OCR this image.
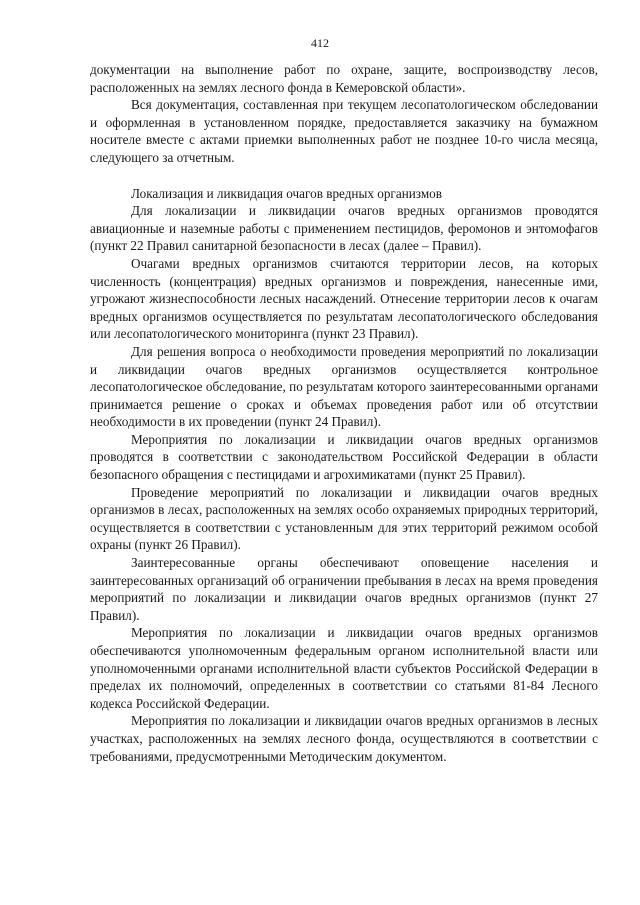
412

документации на выполнение работ по охране, защите, воспроизводству лесов, расположенных на землях лесного фонда в Кемеровской области».

Вся документация, составленная при текущем лесопатологическом обследовании и оформленная в установленном порядке, предоставляется заказчику на бумажном носителе вместе с актами приемки выполненных работ не позднее 10-го числа месяца, следующего за отчетным.

Локализация и ликвидация очагов вредных организмов

Для локализации и ликвидации очагов вредных организмов проводятся авиационные и наземные работы с применением пестицидов, феромонов и энтомофагов (пункт 22 Правил санитарной безопасности в лесах (далее – Правил).

Очагами вредных организмов считаются территории лесов, на которых численность (концентрация) вредных организмов и повреждения, нанесенные ими, угрожают жизнеспособности лесных насаждений. Отнесение территории лесов к очагам вредных организмов осуществляется по результатам лесопатологического обследования или лесопатологического мониторинга (пункт 23 Правил).

Для решения вопроса о необходимости проведения мероприятий по локализации и ликвидации очагов вредных организмов осуществляется контрольное лесопатологическое обследование, по результатам которого заинтересованными органами принимается решение о сроках и объемах проведения работ или об отсутствии необходимости в их проведении (пункт 24 Правил).

Мероприятия по локализации и ликвидации очагов вредных организмов проводятся в соответствии с законодательством Российской Федерации в области безопасного обращения с пестицидами и агрохимикатами (пункт 25 Правил).

Проведение мероприятий по локализации и ликвидации очагов вредных организмов в лесах, расположенных на землях особо охраняемых природных территорий, осуществляется в соответствии с установленным для этих территорий режимом особой охраны (пункт 26 Правил).

Заинтересованные органы обеспечивают оповещение населения и заинтересованных организаций об ограничении пребывания в лесах на время проведения мероприятий по локализации и ликвидации очагов вредных организмов (пункт 27 Правил).

Мероприятия по локализации и ликвидации очагов вредных организмов обеспечиваются уполномоченным федеральным органом исполнительной власти или уполномоченными органами исполнительной власти субъектов Российской Федерации в пределах их полномочий, определенных в соответствии со статьями 81-84 Лесного кодекса Российской Федерации.

Мероприятия по локализации и ликвидации очагов вредных организмов в лесных участках, расположенных на землях лесного фонда, осуществляются в соответствии с требованиями, предусмотренными Методическим документом.
